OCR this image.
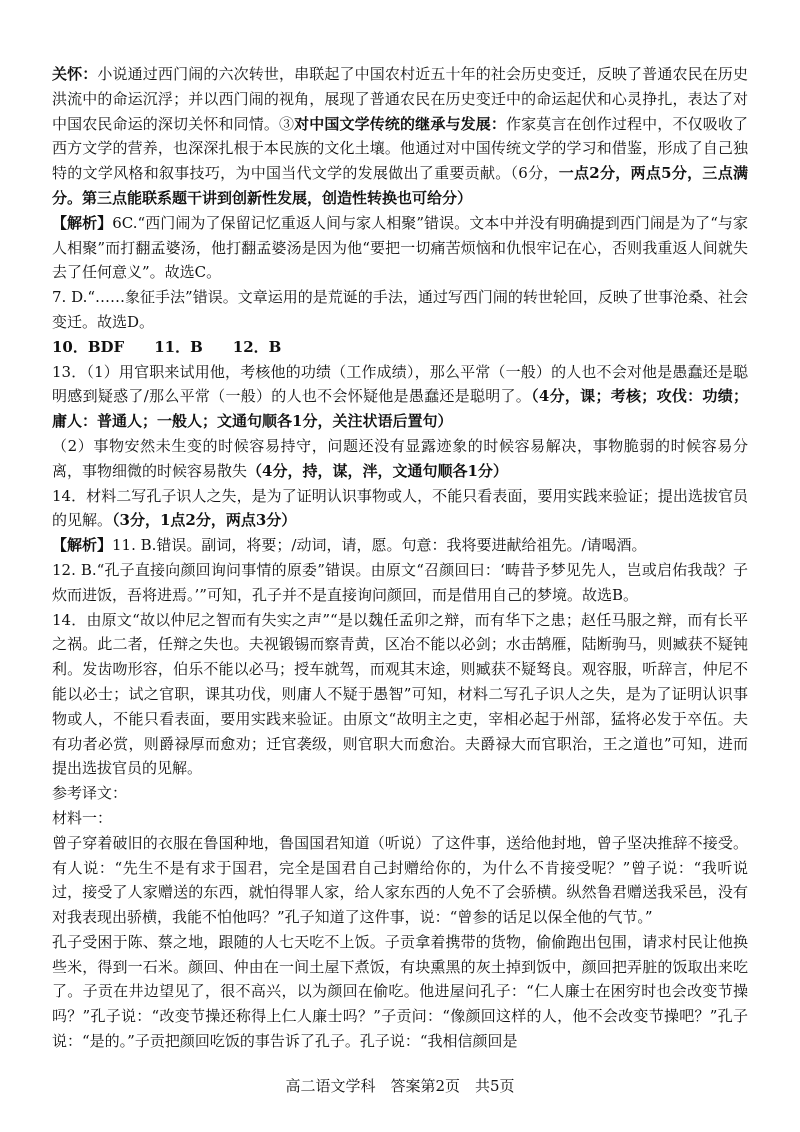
关怀：小说通过西门闹的六次转世，串联起了中国农村近五十年的社会历史变迁，反映了普通农民在历史洪流中的命运沉浮；并以西门闹的视角，展现了普通农民在历史变迁中的命运起伏和心灵挣扎，表达了对中国农民命运的深切关怀和同情。③对中国文学传统的继承与发展：作家莫言在创作过程中，不仅吸收了西方文学的营养，也深深扎根于本民族的文化土壤。他通过对中国传统文学的学习和借鉴，形成了自己独特的文学风格和叙事技巧，为中国当代文学的发展做出了重要贡献。（6分，一点2分，两点5分，三点满分。第三点能联系题干讲到创新性发展，创造性转换也可给分）

【解析】6C.“西门闹为了保留记忆重返人间与家人相聚”错误。文本中并没有明确提到西门闹是为了“与家人相聚”而打翻孟婆汤，他打翻孟婆汤是因为他“要把一切痛苦烦恼和仇恨牢记在心，否则我重返人间就失去了任何意义”。故选C。

7. D.“……象征手法”错误。文章运用的是荒诞的手法，通过写西门闹的转世轮回，反映了世事沧桑、社会变迁。故选D。

10．BDF　　11．B　　12．B

13．（1）用官职来试用他，考核他的功绩（工作成绩），那么平常（一般）的人也不会对他是愚蠢还是聪明感到疑惑了/那么平常（一般）的人也不会怀疑他是愚蠢还是聪明了。（4分，课；考核；攻伐：功绩；庸人：普通人；一般人；文通句顺各1分，关注状语后置句）

（2）事物安然未生变的时候容易持守，问题还没有显露迹象的时候容易解决，事物脆弱的时候容易分离，事物细微的时候容易散失（4分，持，谋，泮，文通句顺各1分）

14．材料二写孔子识人之失，是为了证明认识事物或人，不能只看表面，要用实践来验证；提出选拔官员的见解。（3分，1点2分，两点3分）

【解析】11. B.错误。副词，将要；/动词，请，愿。句意：我将要进献给祖先。/请喝酒。

12. B.“孔子直接向颜回询问事情的原委”错误。由原文“召颜回曰：‘畴昔予梦见先人，岂或启佑我哉？子炊而进饭，吾将进焉。’”可知，孔子并不是直接询问颜回，而是借用自己的梦境。故选B。

14．由原文“故以仲尼之智而有失实之声”“是以魏任孟卯之辩，而有华下之患；赵任马服之辩，而有长平之祸。此二者，任辩之失也。夫视锻锡而察青黄，区冶不能以必剑；水击鹄雁，陆断驹马，则臧获不疑钝利。发齿吻形容，伯乐不能以必马；授车就驾，而观其末途，则臧获不疑驽良。观容服，听辞言，仲尼不能以必士；试之官职，课其功伐，则庸人不疑于愚智”可知，材料二写孔子识人之失，是为了证明认识事物或人，不能只看表面，要用实践来验证。由原文“故明主之吏，宰相必起于州部，猛将必发于卒伍。夫有功者必赏，则爵禄厚而愈劝；迁官袭级，则官职大而愈治。夫爵禄大而官职治，王之道也”可知，进而提出选拔官员的见解。

参考译文：

材料一：

曾子穿着破旧的衣服在鲁国种地，鲁国国君知道（听说）了这件事，送给他封地，曾子坚决推辞不接受。有人说：“先生不是有求于国君，完全是国君自己封赠给你的，为什么不肯接受呢？”曾子说：“我听说过，接受了人家赠送的东西，就怕得罪人家，给人家东西的人免不了会骄横。纵然鲁君赠送我采邑，没有对我表现出骄横，我能不怕他吗？”孔子知道了这件事，说：“曾参的话足以保全他的气节。”

孔子受困于陈、蔡之地，跟随的人七天吃不上饭。子贡拿着携带的货物，偷偷跑出包围，请求村民让他换些米，得到一石米。颜回、仲由在一间土屋下煮饭，有块熏黑的灰土掉到饭中，颜回把弄脏的饭取出来吃了。子贡在井边望见了，很不高兴，以为颜回在偷吃。他进屋问孔子：“仁人廉士在困穷时也会改变节操吗？”孔子说：“改变节操还称得上仁人廉士吗？”子贡问：“像颜回这样的人，他不会改变节操吧？”孔子说：“是的。”子贡把颜回吃饭的事告诉了孔子。孔子说：“我相信颜回是

高二语文学科　答案第2页　共5页
